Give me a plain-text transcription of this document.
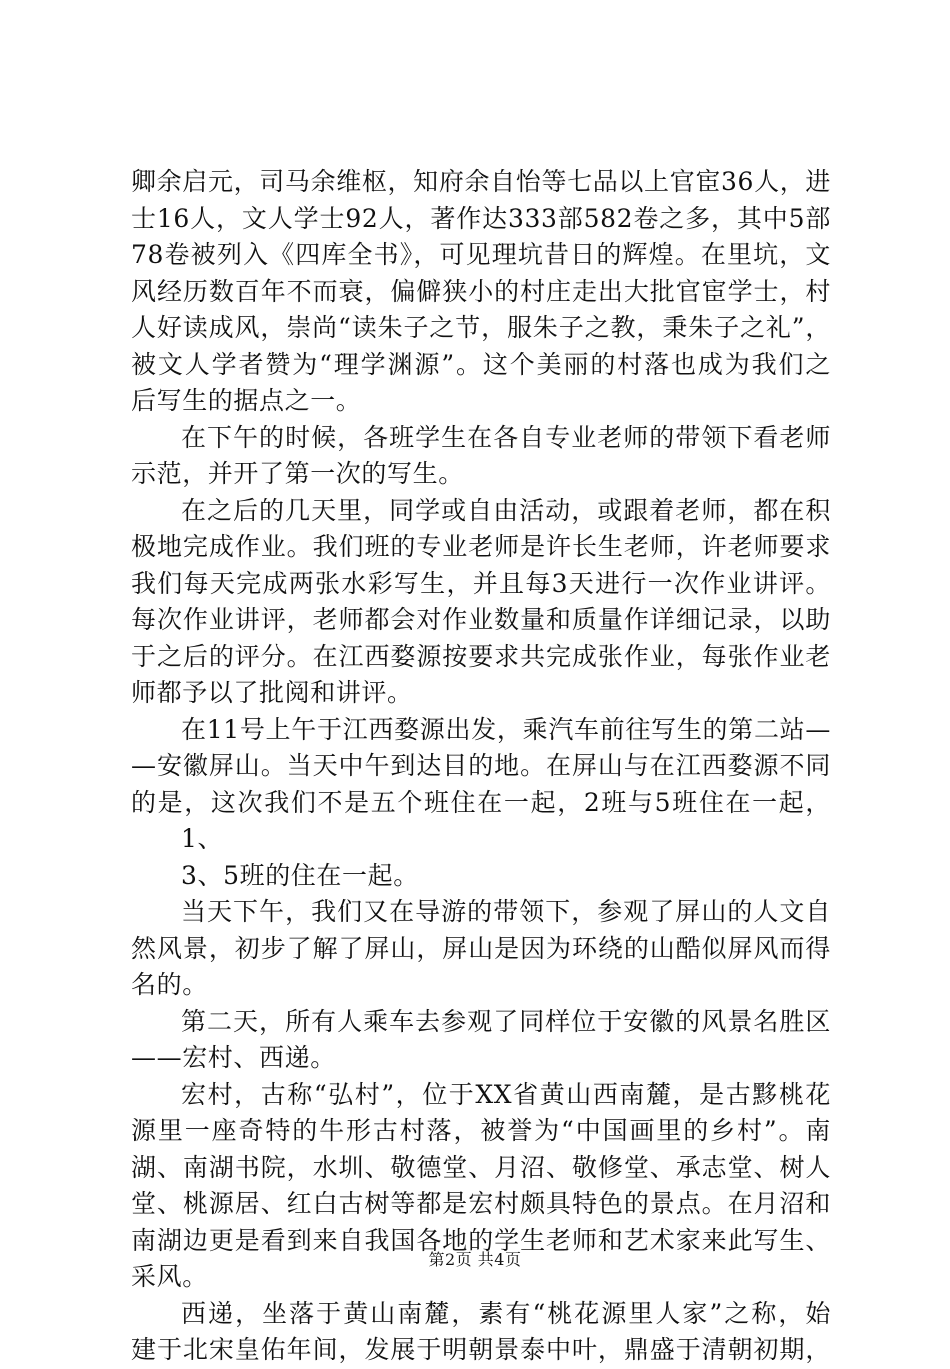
卿余启元，司马余维枢，知府余自怡等七品以上官宦36人，进
士16人，文人学士92人，著作达333部582卷之多，其中5部
78卷被列入《四库全书》，可见理坑昔日的辉煌。在里坑，文
风经历数百年不而衰，偏僻狭小的村庄走出大批官宦学士，村
人好读成风，崇尚“读朱子之节，服朱子之教，秉朱子之礼”，
被文人学者赞为“理学渊源”。这个美丽的村落也成为我们之
后写生的据点之一。
在下午的时候，各班学生在各自专业老师的带领下看老师
示范，并开了第一次的写生。
在之后的几天里，同学或自由活动，或跟着老师，都在积
极地完成作业。我们班的专业老师是许长生老师，许老师要求
我们每天完成两张水彩写生，并且每3天进行一次作业讲评。
每次作业讲评，老师都会对作业数量和质量作详细记录，以助
于之后的评分。在江西婺源按要求共完成张作业，每张作业老
师都予以了批阅和讲评。
在11号上午于江西婺源出发，乘汽车前往写生的第二站—
—安徽屏山。当天中午到达目的地。在屏山与在江西婺源不同
的是，这次我们不是五个班住在一起，2班与5班住在一起，
1、
3、5班的住在一起。
当天下午，我们又在导游的带领下，参观了屏山的人文自
然风景，初步了解了屏山，屏山是因为环绕的山酷似屏风而得
名的。
第二天，所有人乘车去参观了同样位于安徽的风景名胜区
——宏村、西递。
宏村，古称“弘村”，位于XX省黄山西南麓，是古黟桃花
源里一座奇特的牛形古村落，被誉为“中国画里的乡村”。南
湖、南湖书院，水圳、敬德堂、月沼、敬修堂、承志堂、树人
堂、桃源居、红白古树等都是宏村颇具特色的景点。在月沼和
南湖边更是看到来自我国各地的学生老师和艺术家来此写生、
采风。
西递，坐落于黄山南麓，素有“桃花源里人家”之称，始
建于北宋皇佑年间，发展于明朝景泰中叶，鼎盛于清朝初期，
第2页 共4页
